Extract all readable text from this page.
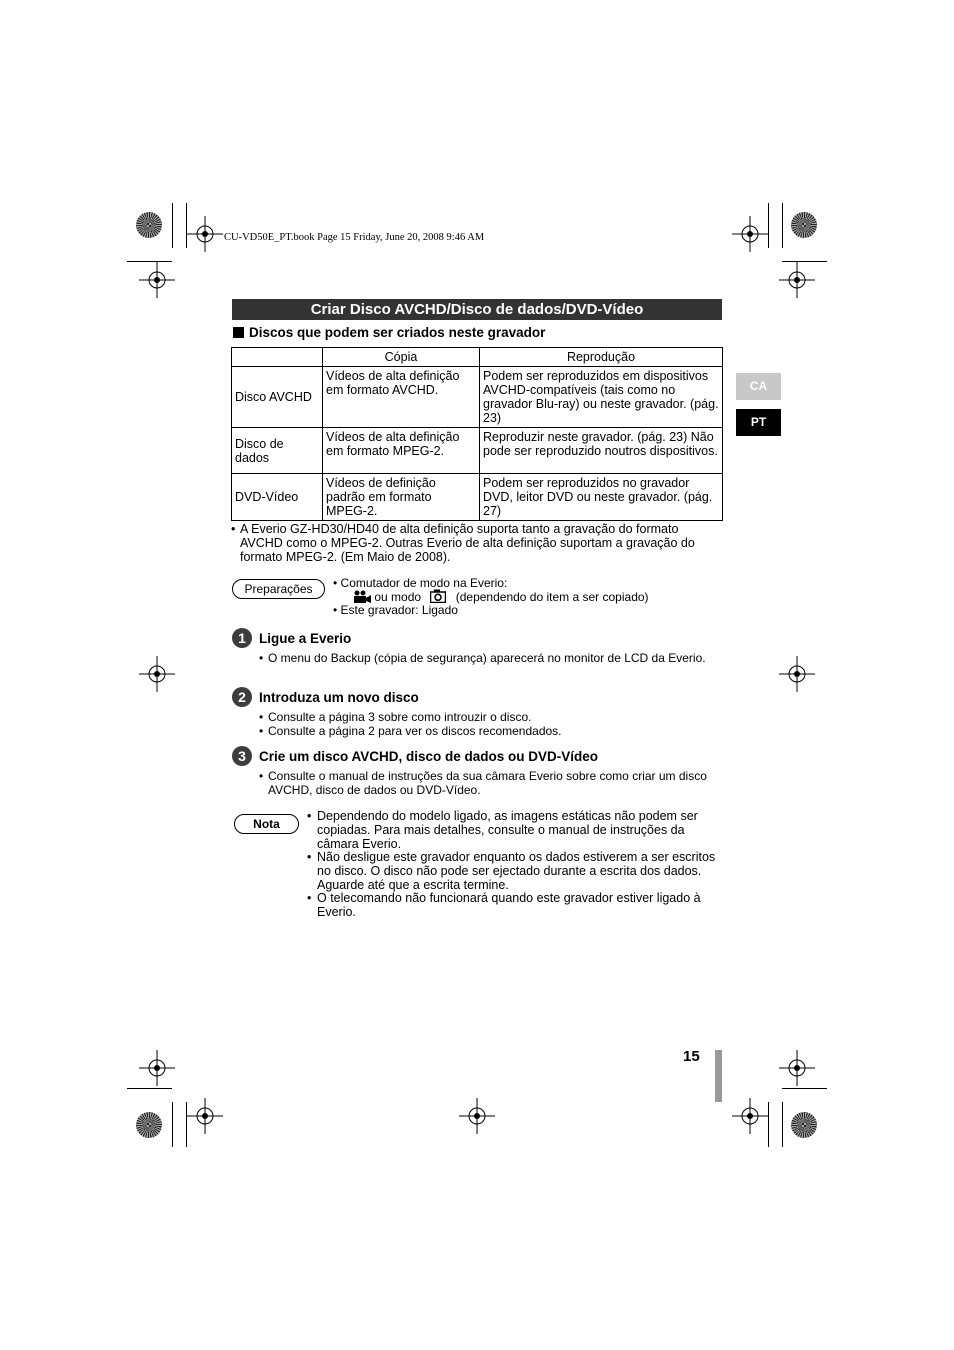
CU-VD50E_PT.book Page 15 Friday, June 20, 2008 9:46 AM
Criar Disco AVCHD/Disco de dados/DVD-Vídeo
Discos que podem ser criados neste gravador
	Cópia	Reprodução
Disco AVCHD	Vídeos de alta definição em formato AVCHD.	Podem ser reproduzidos em dispositivos AVCHD-compatíveis (tais como no gravador Blu-ray) ou neste gravador. (pág. 23)
Disco de dados	Vídeos de alta definição em formato MPEG-2.	Reproduzir neste gravador. (pág. 23) Não pode ser reproduzido noutros dispositivos.
DVD-Vídeo	Vídeos de definição padrão em formato MPEG-2.	Podem ser reproduzidos no gravador DVD, leitor DVD ou neste gravador. (pág. 27)
• A Everio GZ-HD30/HD40 de alta definição suporta tanto a gravação do formato AVCHD como o MPEG-2. Outras Everio de alta definição suportam a gravação do formato MPEG-2. (Em Maio de 2008).
Preparações	• Comutador de modo na Everio:
ou modo	(dependendo do item a ser copiado)
• Este gravador: Ligado
1 Ligue a Everio
• O menu do Backup (cópia de segurança) aparecerá no monitor de LCD da Everio.
2 Introduza um novo disco
• Consulte a página 3 sobre como introuzir o disco.
• Consulte a página 2 para ver os discos recomendados.
3 Crie um disco AVCHD, disco de dados ou DVD-Vídeo
• Consulte o manual de instruções da sua câmara Everio sobre como criar um disco AVCHD, disco de dados ou DVD-Vídeo.
Nota
• Dependendo do modelo ligado, as imagens estáticas não podem ser copiadas. Para mais detalhes, consulte o manual de instruções da câmara Everio.
• Não desligue este gravador enquanto os dados estiverem a ser escritos no disco. O disco não pode ser ejectado durante a escrita dos dados. Aguarde até que a escrita termine.
• O telecomando não funcionará quando este gravador estiver ligado à Everio.
CA
PT
15
